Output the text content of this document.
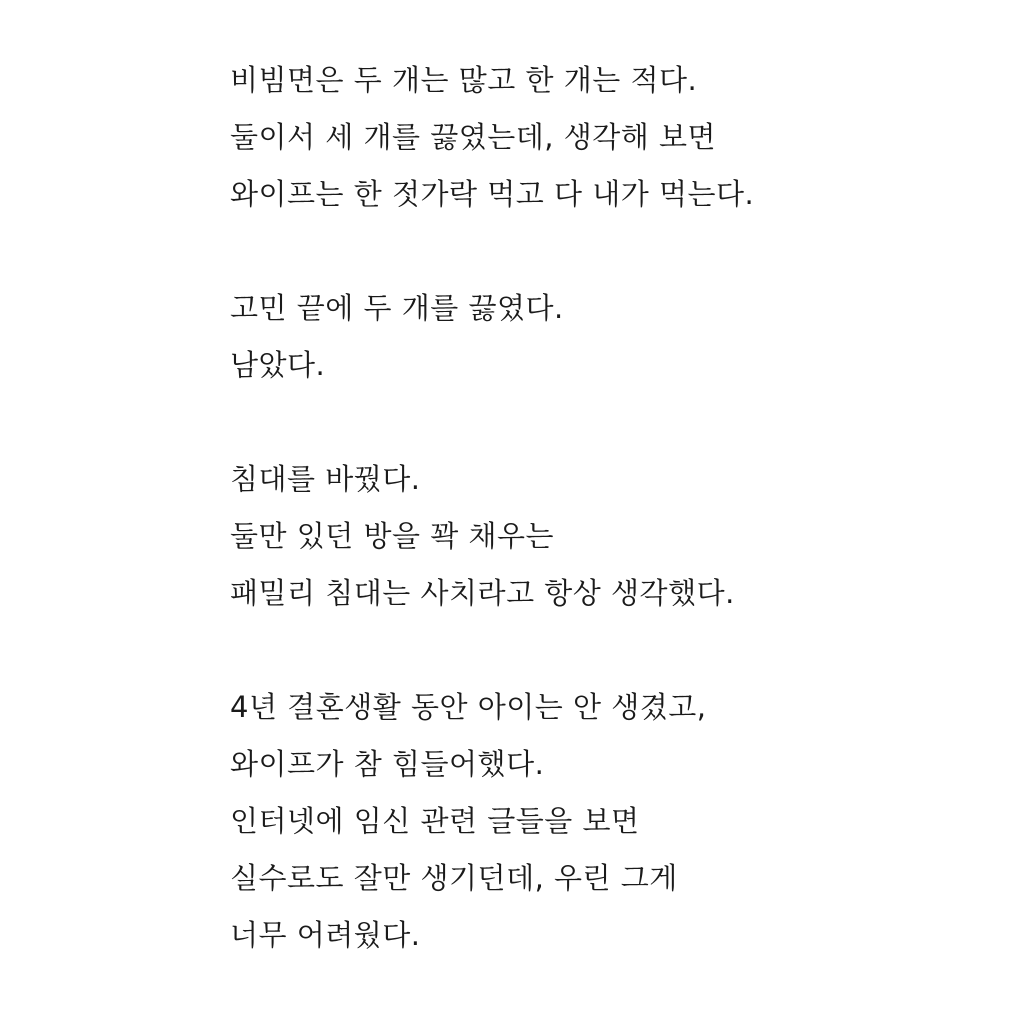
비빔면은 두 개는 많고 한 개는 적다.
둘이서 세 개를 끓였는데, 생각해 보면
와이프는 한 젓가락 먹고 다 내가 먹는다.
고민 끝에 두 개를 끓였다.
남았다.
침대를 바꿨다.
둘만 있던 방을 꽉 채우는
패밀리 침대는 사치라고 항상 생각했다.
4년 결혼생활 동안 아이는 안 생겼고,
와이프가 참 힘들어했다.
인터넷에 임신 관련 글들을 보면
실수로도 잘만 생기던데, 우린 그게
너무 어려웠다.
